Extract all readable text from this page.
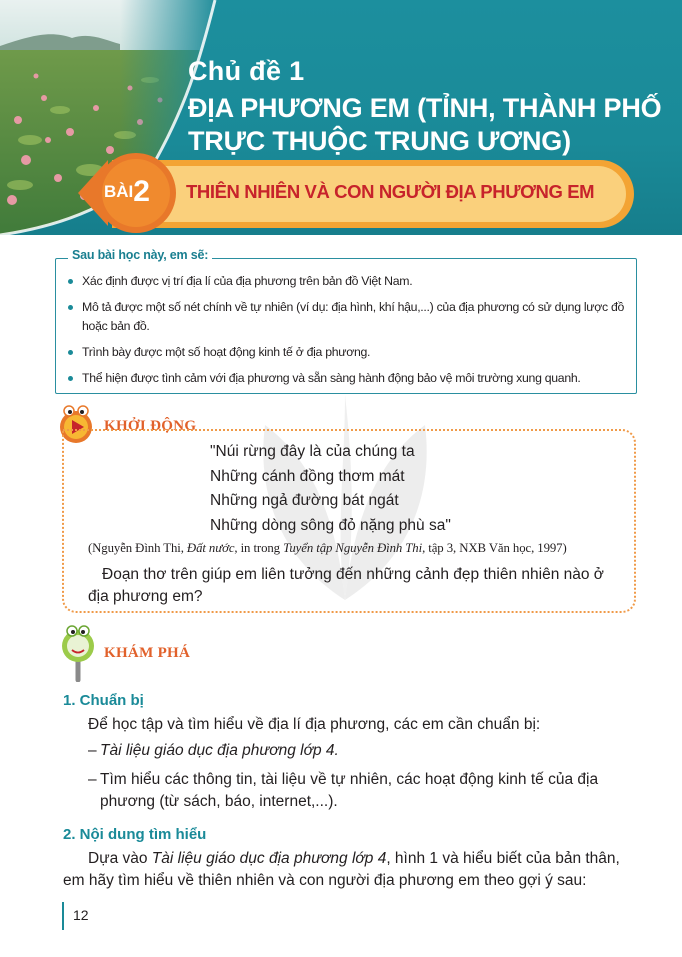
Chủ đề 1
ĐỊA PHƯƠNG EM (TỈNH, THÀNH PHỐ
TRỰC THUỘC TRUNG ƯƠNG)
THIÊN NHIÊN VÀ CON NGƯỜI ĐỊA PHƯƠNG EM
BÀI2
Sau bài học này, em sẽ:
Xác định được vị trí địa lí của địa phương trên bản đồ Việt Nam.
Mô tả được một số nét chính về tự nhiên (ví dụ: địa hình, khí hậu,...) của địa phương có sử dụng lược đồ hoặc bản đồ.
Trình bày được một số hoạt động kinh tế ở địa phương.
Thể hiện được tình cảm với địa phương và sẵn sàng hành động bảo vệ môi trường xung quanh.
KHỞI ĐỘNG
"Núi rừng đây là của chúng ta
Những cánh đồng thơm mát
Những ngả đường bát ngát
Những dòng sông đỏ nặng phù sa"
(Nguyễn Đình Thi, Đất nước, in trong Tuyển tập Nguyễn Đình Thi, tập 3, NXB Văn học, 1997)
Đoạn thơ trên giúp em liên tưởng đến những cảnh đẹp thiên nhiên nào ở địa phương em?
KHÁM PHÁ
1. Chuẩn bị
Để học tập và tìm hiểu về địa lí địa phương, các em cần chuẩn bị:
– Tài liệu giáo dục địa phương lớp 4.
– Tìm hiểu các thông tin, tài liệu về tự nhiên, các hoạt động kinh tế của địa phương (từ sách, báo, internet,...).
2. Nội dung tìm hiểu
Dựa vào Tài liệu giáo dục địa phương lớp 4, hình 1 và hiểu biết của bản thân, em hãy tìm hiểu về thiên nhiên và con người địa phương em theo gợi ý sau:
12
